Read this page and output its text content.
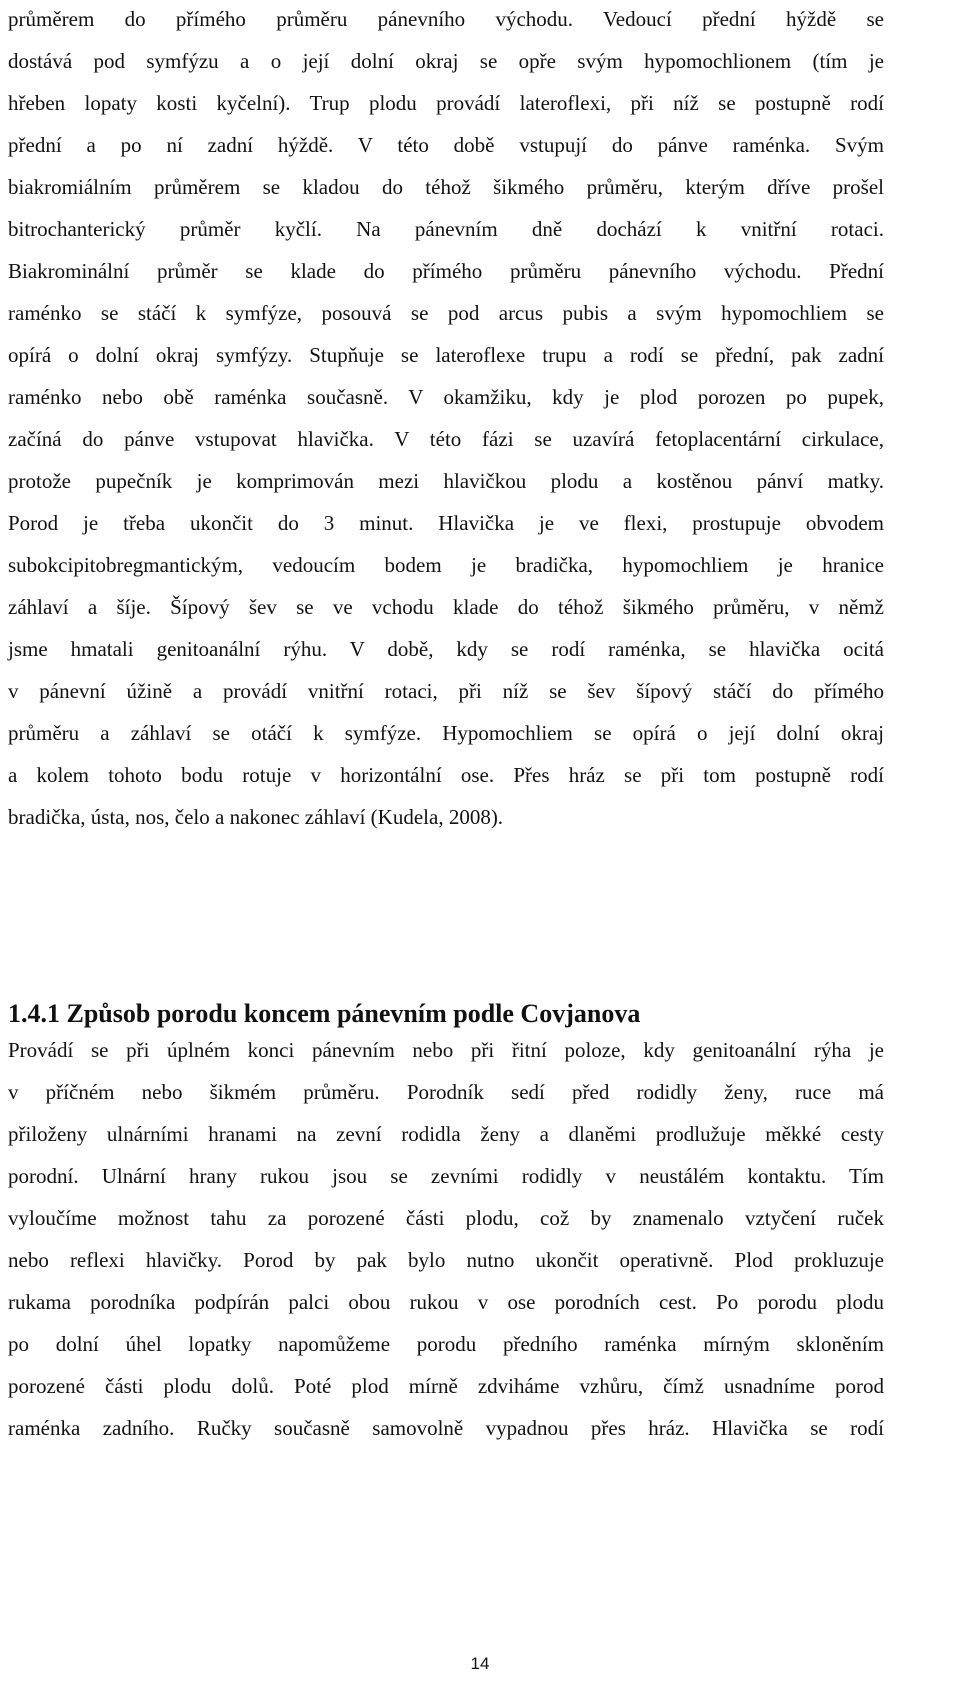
průměrem do přímého průměru pánevního východu. Vedoucí přední hýždě se
dostává pod symfýzu a o její dolní okraj se opře svým hypomochlionem (tím je
hřeben lopaty kosti kyčelní). Trup plodu provádí lateroflexi, při níž se postupně rodí
přední a po ní zadní hýždě. V této době vstupují do pánve raménka. Svým
biakromiálním průměrem se kladou do téhož šikmého průměru, kterým dříve prošel
bitrochanterický průměr kyčlí. Na pánevním dně dochází k vnitřní rotaci.
Biakrominální průměr se klade do přímého průměru pánevního východu. Přední
raménko se stáčí k symfýze, posouvá se pod arcus pubis a svým hypomochliem se
opírá o dolní okraj symfýzy. Stupňuje se lateroflexe trupu a rodí se přední, pak zadní
raménko nebo obě raménka současně. V okamžiku, kdy je plod porozen po pupek,
začíná do pánve vstupovat hlavička. V této fázi se uzavírá fetoplacentární cirkulace,
protože pupečník je komprimován mezi hlavičkou plodu a kostěnou pánví matky.
Porod je třeba ukončit do 3 minut. Hlavička je ve flexi, prostupuje obvodem
subokcipitobregmantickým, vedoucím bodem je bradička, hypomochliem je hranice
záhlaví a šíje. Šípový šev se ve vchodu klade do téhož šikmého průměru, v němž
jsme hmatali genitoanální rýhu. V době, kdy se rodí raménka, se hlavička ocitá
v pánevní úžině a provádí vnitřní rotaci, při níž se šev šípový stáčí do přímého
průměru a záhlaví se otáčí k symfýze. Hypomochliem se opírá o její dolní okraj
a kolem tohoto bodu rotuje v horizontální ose. Přes hráz se při tom postupně rodí
bradička, ústa, nos, čelo a nakonec záhlaví (Kudela, 2008).
1.4.1 Způsob porodu koncem pánevním podle Covjanova
Provádí se při úplném konci pánevním nebo při řitní poloze, kdy genitoanální rýha je
v příčném nebo šikmém průměru. Porodník sedí před rodidly ženy, ruce má
přiloženy ulnárními hranami na zevní rodidla ženy a dlaněmi prodlužuje měkké cesty
porodní. Ulnární hrany rukou jsou se zevními rodidly v neustálém kontaktu. Tím
vyloučíme možnost tahu za porozené části plodu, což by znamenalo vztyčení ruček
nebo reflexi hlavičky. Porod by pak bylo nutno ukončit operativně. Plod prokluzuje
rukama porodníka podpírán palci obou rukou v ose porodních cest. Po porodu plodu
po dolní úhel lopatky napomůžeme porodu předního raménka mírným skloněním
porozené části plodu dolů. Poté plod mírně zdviháme vzhůru, čímž usnadníme porod
raménka zadního. Ručky současně samovolně vypadnou přes hráz. Hlavička se rodí
14
